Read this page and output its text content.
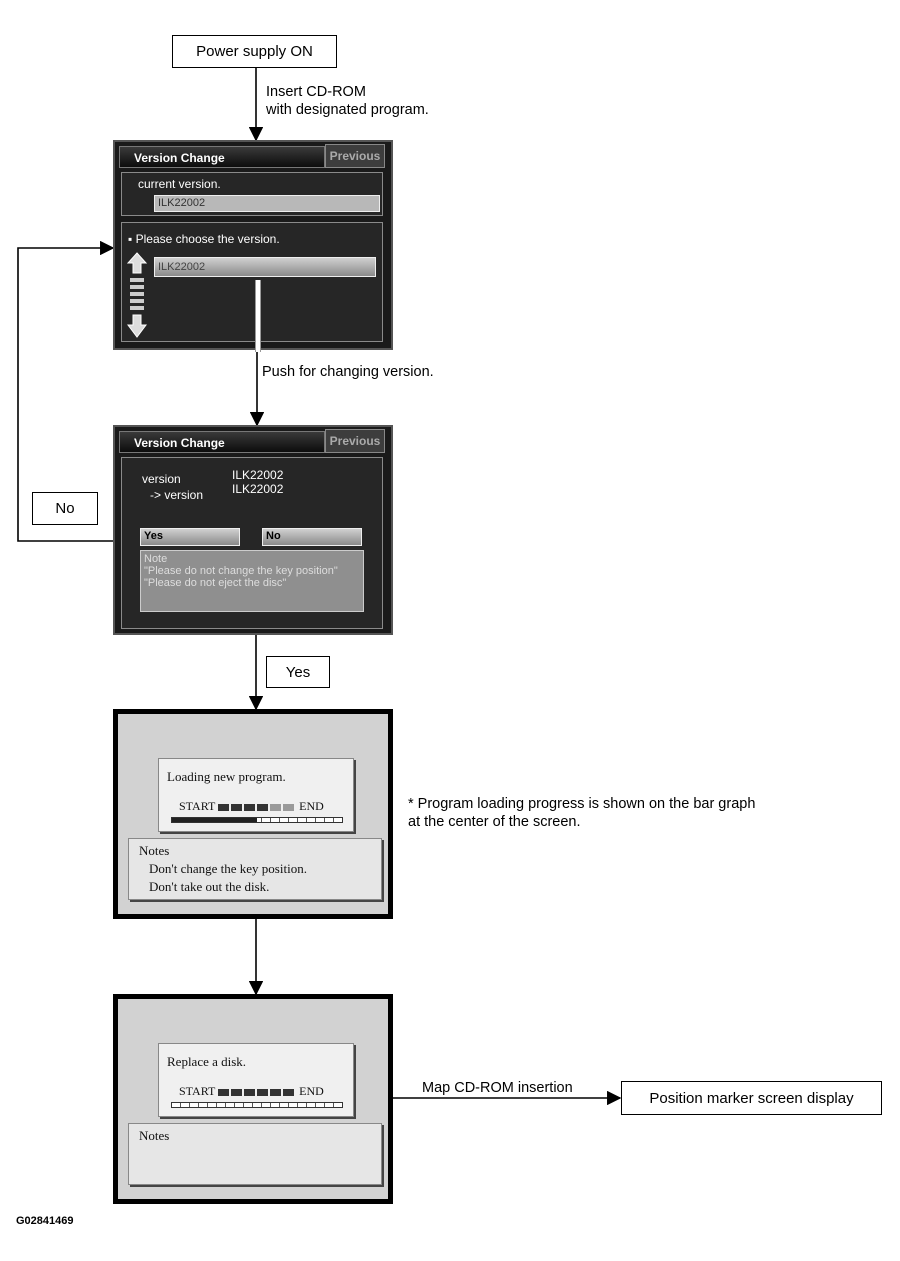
Power supply ON
Insert CD-ROM
with designated program.
Version Change	Previous
current version.
ILK22002
▪ Please choose the version.
ILK22002
Push for changing version.
Version Change	Previous
version
-> version
ILK22002
ILK22002
Yes	No
Note
"Please do not change the key position"
"Please do not eject the disc"
No
Yes
Loading new program.
START	END
Notes
Don't change the key position.
Don't take out the disk.
* Program loading progress is shown on the bar graph
at the center of the screen.
Replace a disk.
START	END
Notes
Map CD-ROM insertion
Position marker screen display
G02841469
